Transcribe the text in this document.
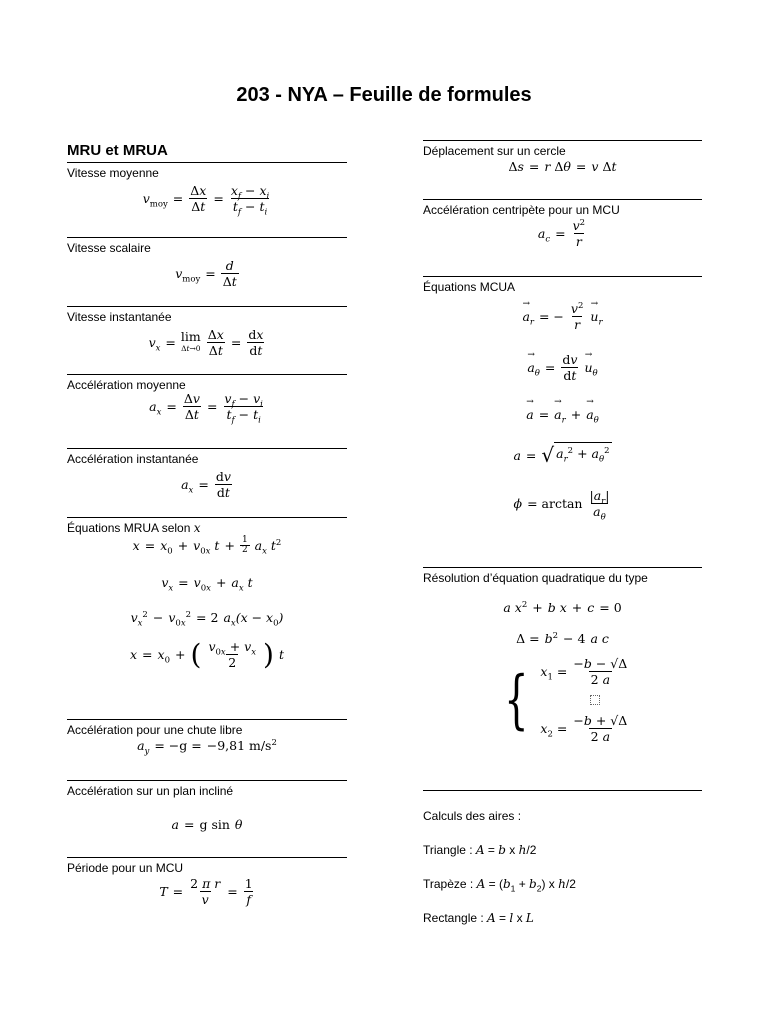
203 - NYA – Feuille de formules
MRU et MRUA
Vitesse moyenne
$v_{moy} = \frac{\Delta x}{\Delta t} = \frac{x_f - x_i}{t_f - t_i}$
Vitesse scalaire
$v_{moy} = \frac{d}{\Delta t}$
Vitesse instantanée
$v_x = \lim$
$\Delta t\to 0 \frac{\Delta x}{\Delta t} = \frac{dx}{dt}$
Accélération moyenne
$a_x = \frac{\Delta v}{\Delta t} = \frac{v_f - v_i}{t_f - t_i}$
Accélération instantanée
$a_x = \frac{dv}{dt}$
Équations MRUA selon x
$x = x_0 + v_{0x}$ $t + \frac{1}{2} a_x$ $t^2$
$v_x = v_{0x} + a_x$ t
$v_x^2 - v_{0x}^2 = 2$ $a_x(x - x_0)$
$x = x_0$ + ( $\frac{v_{0x} + v_x}{2}$ ) t
Accélération pour une chute libre
$a_y = -g = -9,81$ $m/s^2$
Accélération sur un plan incliné
a = g sin θ
Période pour un MCU
$T = \frac{\text{2 π r}}{v} = \frac{1}{f}$
Déplacement sur un cercle
Δs = r Δθ = v Δt
Accélération centripète pour un MCU
$a_c = \frac{v^2}{r}$
Équations MCUA
→ $a_r$ = − $\frac{v^2}{r}$
→ $u_r$
→ $a_\theta = \frac{dv}{dt}$
→ $u_\theta$
→ a =
→ $a_r$ +
→ $a_\theta$
a = √ $a_r^2 + a_\theta^2$
$\phi = \arctan \frac{|a_r|}{a_\theta}$
Résolution d’équation quadratique du type
a $x^2 + b$ x + c = 0
$\Delta = b^2 - 4$ a c
{ $x_1 = \frac{-b - √\Delta}{2 a}$
$x_2 = \frac{-b + √\Delta}{2 a}$
Calculs des aires :
Triangle : A = b x h/2
Trapèze : $A = (b_1 + b_2)$ x h/2
Rectangle : A = l x L
